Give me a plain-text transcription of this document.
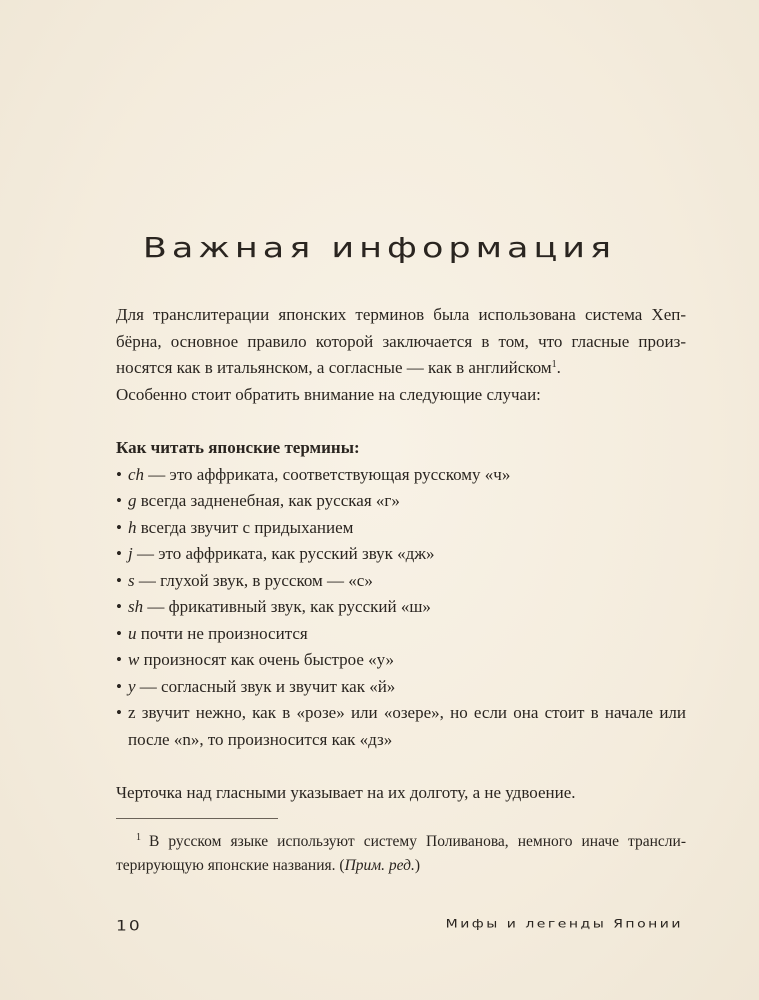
Важная информация

Для транслитерации японских терминов была использована система Хеп-
бёрна, основное правило которой заключается в том, что гласные произ-
носятся как в итальянском, а согласные — как в английском$^1$.
Особенно стоит обратить внимание на следующие случаи:

Как читать японские термины:
• ch — это аффриката, соответствующая русскому «ч»
• g всегда задненебная, как русская «г»
• h всегда звучит с придыханием
• j — это аффриката, как русский звук «дж»
• s — глухой звук, в русском — «с»
• sh — фрикативный звук, как русский «ш»
• u почти не произносится
• w произносят как очень быстрое «у»
• y — согласный звук и звучит как «й»
• z звучит нежно, как в «розе» или «озере», но если она стоит в начале или после «n», то произносится как «дз»
Черточка над гласными указывает на их долготу, а не удвоение.
$^1$ В русском языке используют систему Поливанова, немного иначе трансли-
терирующую японские названия. (Прим. ред.)
10	Мифы и легенды Японии
